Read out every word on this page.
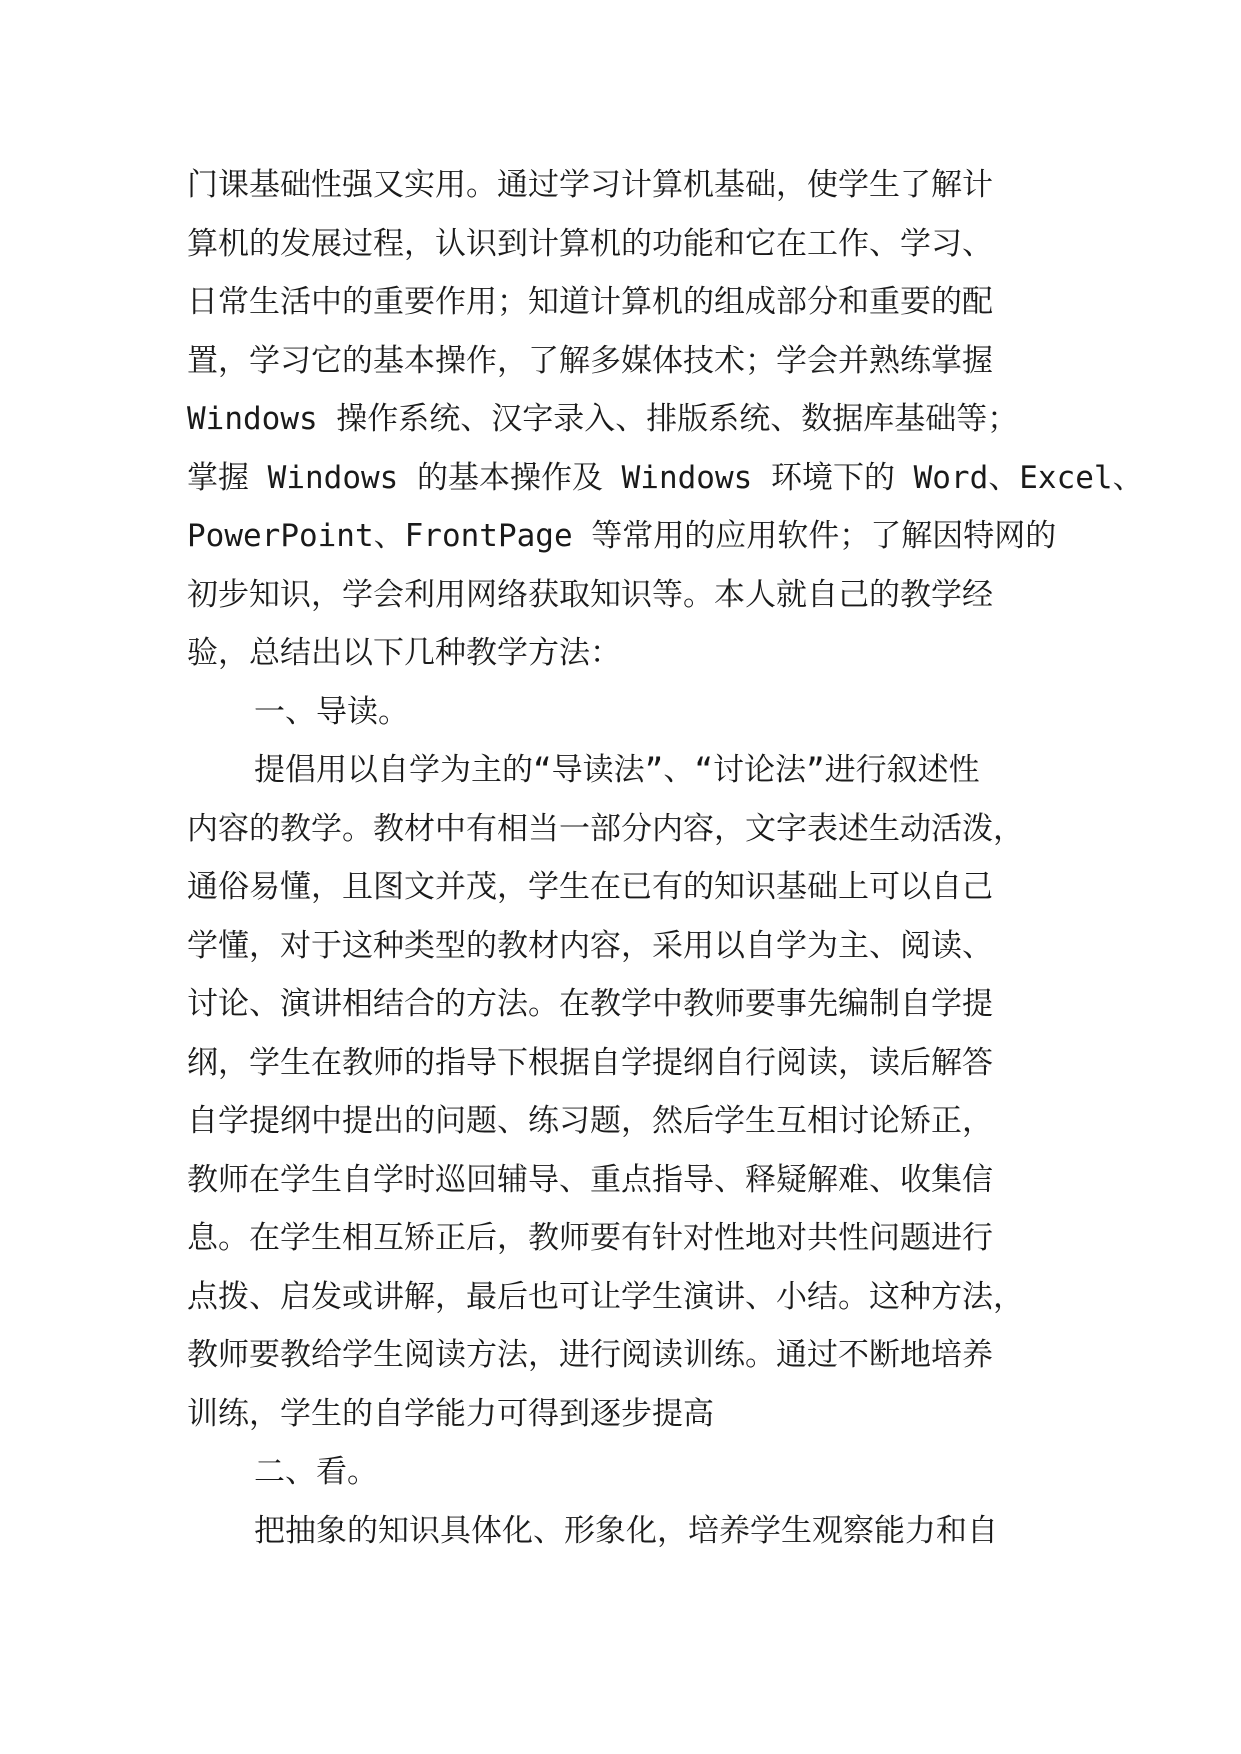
门课基础性强又实用。通过学习计算机基础，使学生了解计
算机的发展过程，认识到计算机的功能和它在工作、学习、
日常生活中的重要作用；知道计算机的组成部分和重要的配
置，学习它的基本操作，了解多媒体技术；学会并熟练掌握
Windows 操作系统、汉字录入、排版系统、数据库基础等；
掌握 Windows 的基本操作及 Windows 环境下的 Word、Excel、
PowerPoint、FrontPage 等常用的应用软件；了解因特网的
初步知识，学会利用网络获取知识等。本人就自己的教学经
验，总结出以下几种教学方法：
一、导读。
提倡用以自学为主的“导读法”、“讨论法”进行叙述性
内容的教学。教材中有相当一部分内容，文字表述生动活泼，
通俗易懂，且图文并茂，学生在已有的知识基础上可以自己
学懂，对于这种类型的教材内容，采用以自学为主、阅读、
讨论、演讲相结合的方法。在教学中教师要事先编制自学提
纲，学生在教师的指导下根据自学提纲自行阅读，读后解答
自学提纲中提出的问题、练习题，然后学生互相讨论矫正，
教师在学生自学时巡回辅导、重点指导、释疑解难、收集信
息。在学生相互矫正后，教师要有针对性地对共性问题进行
点拨、启发或讲解，最后也可让学生演讲、小结。这种方法，
教师要教给学生阅读方法，进行阅读训练。通过不断地培养
训练，学生的自学能力可得到逐步提高
二、看。
把抽象的知识具体化、形象化，培养学生观察能力和自
